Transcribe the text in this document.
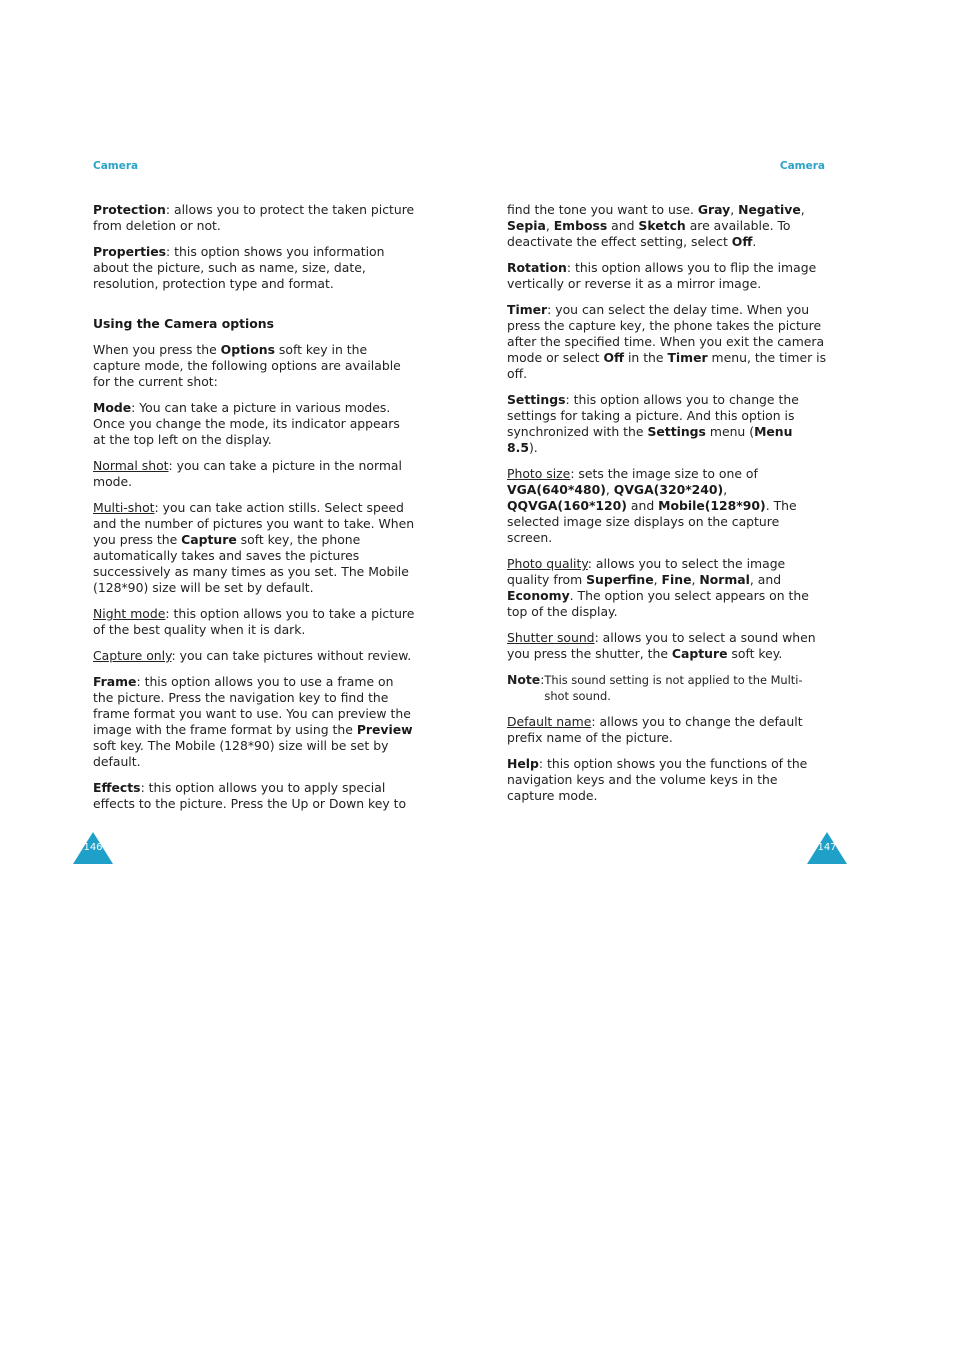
Camera	Camera

Protection: allows you to protect the taken picture from deletion or not.

Properties: this option shows you information about the picture, such as name, size, date, resolution, protection type and format.

Using the Camera options

When you press the Options soft key in the capture mode, the following options are available for the current shot:

Mode: You can take a picture in various modes. Once you change the mode, its indicator appears at the top left on the display.

Normal shot: you can take a picture in the normal mode.

Multi-shot: you can take action stills. Select speed and the number of pictures you want to take. When you press the Capture soft key, the phone automatically takes and saves the pictures successively as many times as you set. The Mobile (128*90) size will be set by default.

Night mode: this option allows you to take a picture of the best quality when it is dark.

Capture only: you can take pictures without review.

Frame: this option allows you to use a frame on the picture. Press the navigation key to find the frame format you want to use. You can preview the image with the frame format by using the Preview soft key. The Mobile (128*90) size will be set by default.

Effects: this option allows you to apply special effects to the picture. Press the Up or Down key to

find the tone you want to use. Gray, Negative, Sepia, Emboss and Sketch are available. To deactivate the effect setting, select Off.

Rotation: this option allows you to flip the image vertically or reverse it as a mirror image.

Timer: you can select the delay time. When you press the capture key, the phone takes the picture after the specified time. When you exit the camera mode or select Off in the Timer menu, the timer is off.

Settings: this option allows you to change the settings for taking a picture. And this option is synchronized with the Settings menu (Menu 8.5).

Photo size: sets the image size to one of VGA(640*480), QVGA(320*240), QQVGA(160*120) and Mobile(128*90). The selected image size displays on the capture screen.

Photo quality: allows you to select the image quality from Superfine, Fine, Normal, and Economy. The option you select appears on the top of the display.

Shutter sound: allows you to select a sound when you press the shutter, the Capture soft key.

Note: This sound setting is not applied to the Multi-shot sound.

Default name: allows you to change the default prefix name of the picture.

Help: this option shows you the functions of the navigation keys and the volume keys in the capture mode.

146	147
